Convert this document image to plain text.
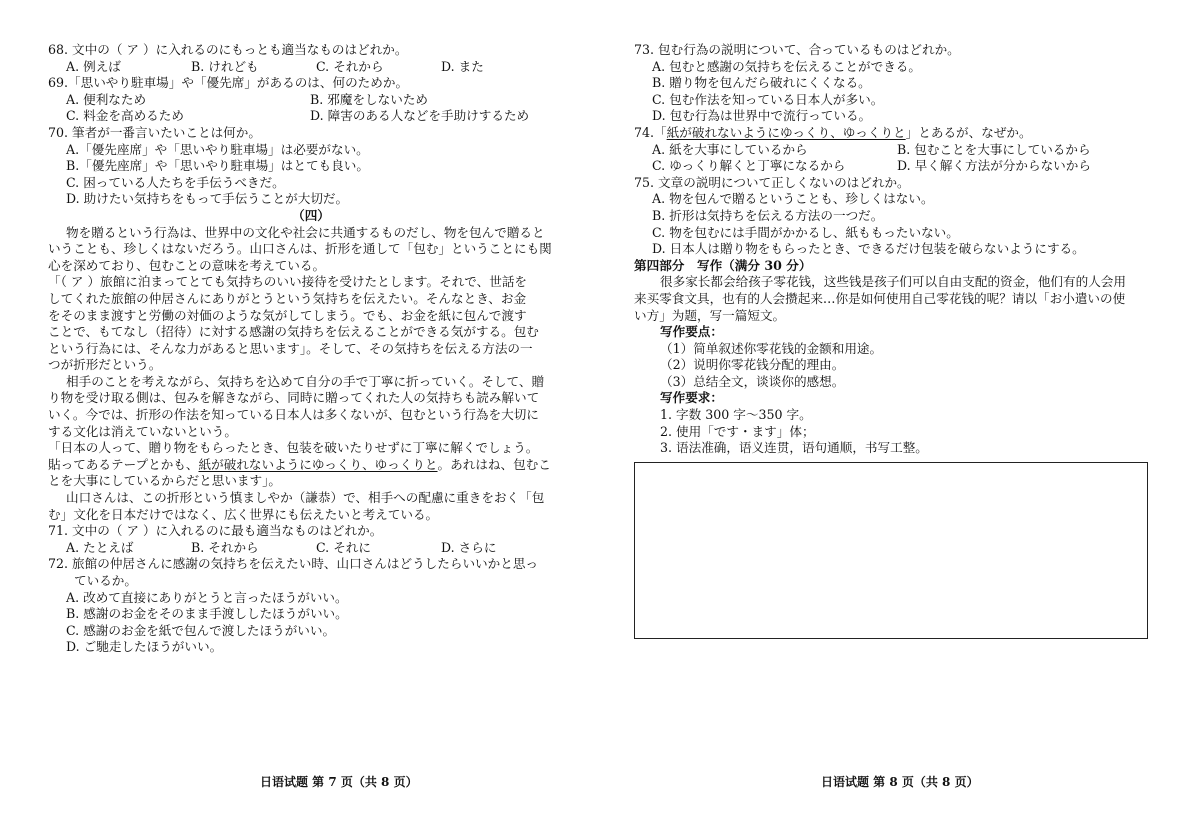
68. 文中の（ ア ）に入れるのにもっとも適当なものはどれか。
A. 例えば	B. けれども	C. それから	D. また
69.「思いやり駐車場」や「優先席」があるのは、何のためか。
A. 便利なため	B. 邪魔をしないため
C. 料金を高めるため	D. 障害のある人などを手助けするため
70. 筆者が一番言いたいことは何か。
A.「優先座席」や「思いやり駐車場」は必要がない。
B.「優先座席」や「思いやり駐車場」はとても良い。
C. 困っている人たちを手伝うべきだ。
D. 助けたい気持ちをもって手伝うことが大切だ。
（四）
物を贈るという行為は、世界中の文化や社会に共通するものだし、物を包んで贈ると
いうことも、珍しくはないだろう。山口さんは、折形を通して「包む」ということにも関
心を深めており、包むことの意味を考えている。
「（ ア ）旅館に泊まってとても気持ちのいい接待を受けたとします。それで、世話を
してくれた旅館の仲居さんにありがとうという気持ちを伝えたい。そんなとき、お金
をそのまま渡すと労働の対価のような気がしてしまう。でも、お金を紙に包んで渡す
ことで、もてなし（招待）に対する感謝の気持ちを伝えることができる気がする。包む
という行為には、そんな力があると思います」。そして、その気持ちを伝える方法の一
つが折形だという。
相手のことを考えながら、気持ちを込めて自分の手で丁寧に折っていく。そして、贈
り物を受け取る側は、包みを解きながら、同時に贈ってくれた人の気持ちも読み解いて
いく。今では、折形の作法を知っている日本人は多くないが、包むという行為を大切に
する文化は消えていないという。
「日本の人って、贈り物をもらったとき、包装を破いたりせずに丁寧に解くでしょう。
貼ってあるテープとかも、紙が破れないようにゆっくり、ゆっくりと。あれはね、包むこ
とを大事にしているからだと思います」。
山口さんは、この折形という慎ましやか（謙恭）で、相手への配慮に重きをおく「包
む」文化を日本だけではなく、広く世界にも伝えたいと考えている。
71. 文中の（ ア ）に入れるのに最も適当なものはどれか。
A. たとえば	B. それから	C. それに	D. さらに
72. 旅館の仲居さんに感謝の気持ちを伝えたい時、山口さんはどうしたらいいかと思っ
ているか。
A. 改めて直接にありがとうと言ったほうがいい。
B. 感謝のお金をそのまま手渡ししたほうがいい。
C. 感謝のお金を紙で包んで渡したほうがいい。
D. ご馳走したほうがいい。
73. 包む行為の説明について、合っているものはどれか。
A. 包むと感謝の気持ちを伝えることができる。
B. 贈り物を包んだら破れにくくなる。
C. 包む作法を知っている日本人が多い。
D. 包む行為は世界中で流行っている。
74.「紙が破れないようにゆっくり、ゆっくりと」とあるが、なぜか。
A. 紙を大事にしているから	B. 包むことを大事にしているから
C. ゆっくり解くと丁寧になるから	D. 早く解く方法が分からないから
75. 文章の説明について正しくないのはどれか。
A. 物を包んで贈るということも、珍しくはない。
B. 折形は気持ちを伝える方法の一つだ。
C. 物を包むには手間がかかるし、紙ももったいない。
D. 日本人は贈り物をもらったとき、できるだけ包装を破らないようにする。
第四部分　写作（满分 30 分）
很多家长都会给孩子零花钱，这些钱是孩子们可以自由支配的资金，他们有的人会用
来买零食文具，也有的人会攒起来…你是如何使用自己零花钱的呢？请以「お小遣いの使
い方」为题，写一篇短文。
写作要点：
（1）简单叙述你零花钱的金额和用途。
（2）说明你零花钱分配的理由。
（3）总结全文，谈谈你的感想。
写作要求：
1. 字数 300 字～350 字。
2. 使用「です・ます」体；
3. 语法准确，语义连贯，语句通顺，书写工整。
日语试题 第 7 页（共 8 页）	日语试题 第 8 页（共 8 页）
